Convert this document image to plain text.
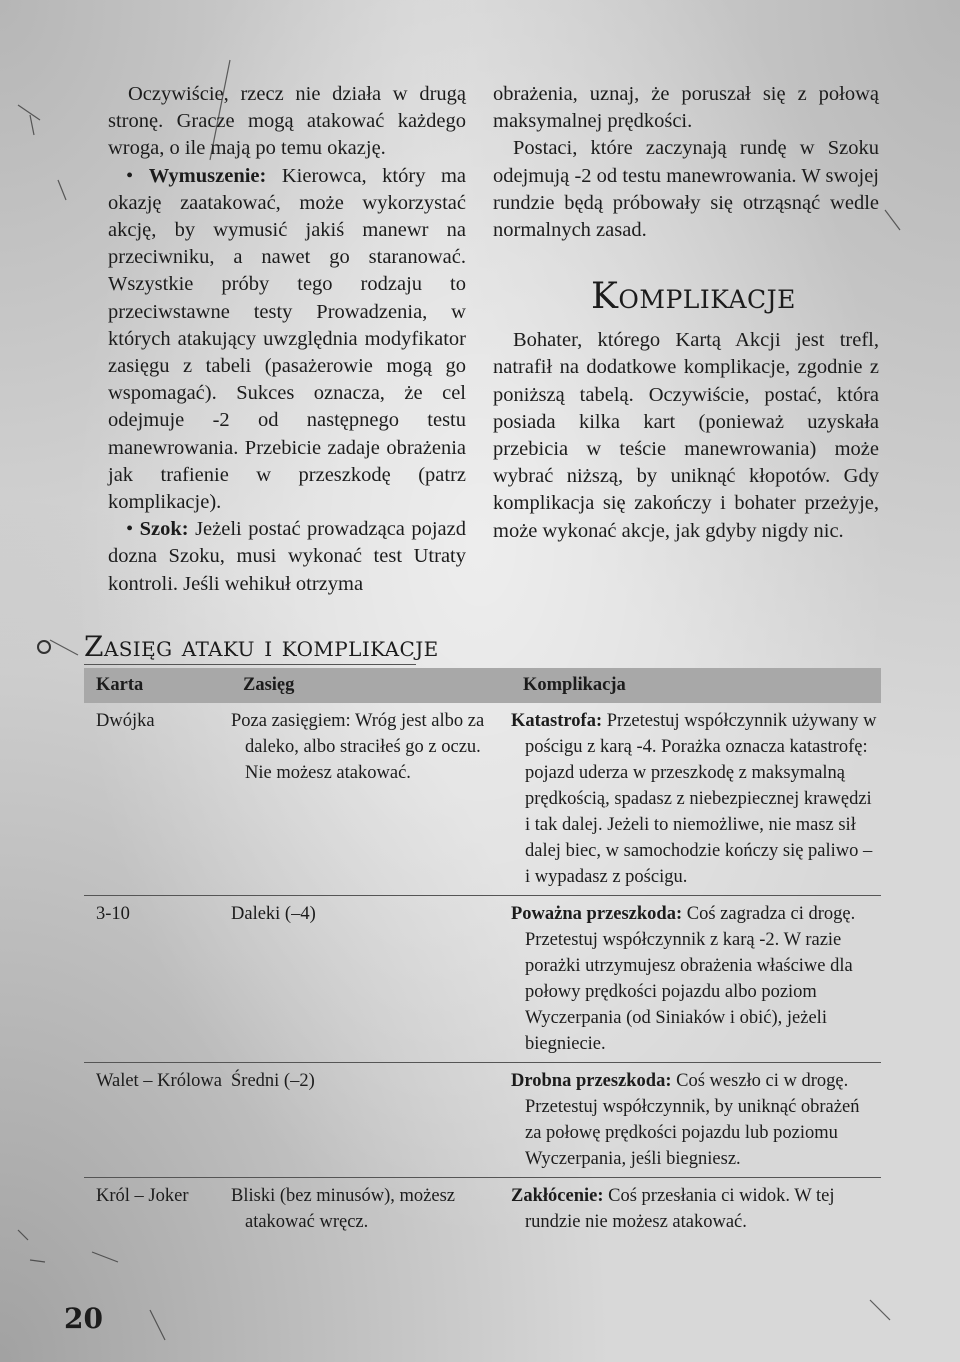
Oczywiście, rzecz nie działa w drugą stronę. Gracze mogą atakować każdego wroga, o ile mają po temu okazję.

• Wymuszenie: Kierowca, który ma okazję zaatakować, może wykorzystać akcję, by wymusić jakiś manewr na przeciwniku, a nawet go staranować. Wszystkie próby tego rodzaju to przeciwstawne testy Prowadzenia, w których atakujący uwzględnia modyfikator zasięgu z tabeli (pasażerowie mogą go wspomagać). Sukces oznacza, że cel odejmuje -2 od następnego testu manewrowania. Przebicie zadaje obrażenia jak trafienie w przeszkodę (patrz komplikacje).

• Szok: Jeżeli postać prowadząca pojazd dozna Szoku, musi wykonać test Utraty kontroli. Jeśli wehikuł otrzyma

obrażenia, uznaj, że poruszał się z połową maksymalnej prędkości.

Postaci, które zaczynają rundę w Szoku odejmują -2 od testu manewrowania. W swojej rundzie będą próbowały się otrząsnąć wedle normalnych zasad.

Komplikacje

Bohater, którego Kartą Akcji jest trefl, natrafił na dodatkowe komplikacje, zgodnie z poniższą tabelą. Oczywiście, postać, która posiada kilka kart (ponieważ uzyskała przebicia w teście manewrowania) może wybrać niższą, by uniknąć kłopotów. Gdy komplikacja się zakończy i bohater przeżyje, może wykonać akcje, jak gdyby nigdy nic.

Zasięg ataku i komplikacje
Karta	Zasięg	Komplikacja

Dwójka	Poza zasięgiem: Wróg jest albo za daleko, albo straciłeś go z oczu. Nie możesz atakować.	Katastrofa: Przetestuj współczynnik używany w pościgu z karą -4. Porażka oznacza katastrofę: pojazd uderza w przeszkodę z maksymalną prędkością, spadasz z niebezpiecznej krawędzi i tak dalej. Jeżeli to niemożliwe, nie masz sił dalej biec, w samochodzie kończy się paliwo – i wypadasz z pościgu.

3-10	Daleki (–4)	Poważna przeszkoda: Coś zagradza ci drogę. Przetestuj współczynnik z karą -2. W razie porażki utrzymujesz obrażenia właściwe dla połowy prędkości pojazdu albo poziom Wyczerpania (od Siniaków i obić), jeżeli biegniecie.

Walet – Królowa	Średni (–2)	Drobna przeszkoda: Coś weszło ci w drogę. Przetestuj współczynnik, by uniknąć obrażeń za połowę prędkości pojazdu lub poziomu Wyczerpania, jeśli biegniesz.

Król – Joker	Bliski (bez minusów), możesz atakować wręcz.	Zakłócenie: Coś przesłania ci widok. W tej rundzie nie możesz atakować.
20
